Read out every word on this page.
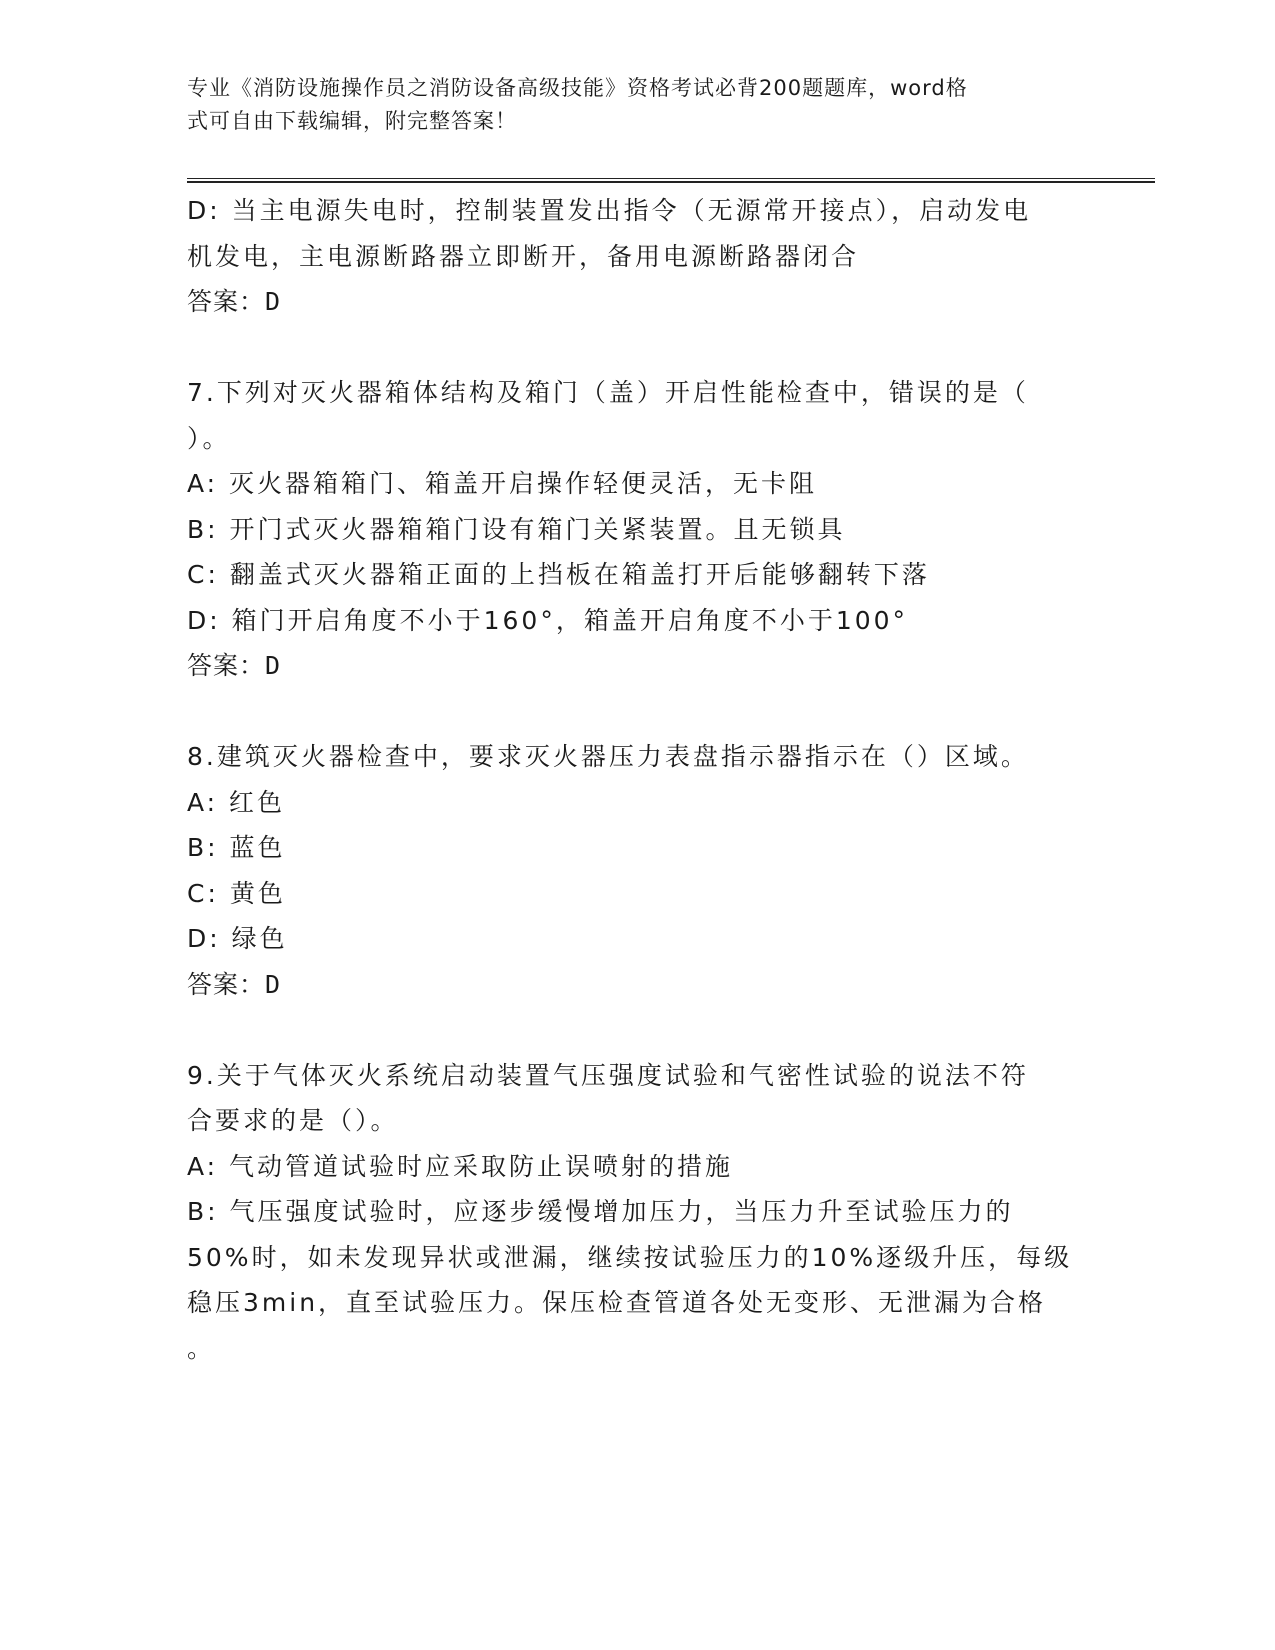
专业《消防设施操作员之消防设备高级技能》资格考试必背200题题库，word格
式可自由下载编辑，附完整答案！
D: 当主电源失电时，控制装置发出指令（无源常开接点），启动发电
机发电，主电源断路器立即断开，备用电源断路器闭合
答案：D
7.下列对灭火器箱体结构及箱门（盖）开启性能检查中，错误的是（
）。
A: 灭火器箱箱门、箱盖开启操作轻便灵活，无卡阻
B: 开门式灭火器箱箱门设有箱门关紧装置。且无锁具
C: 翻盖式灭火器箱正面的上挡板在箱盖打开后能够翻转下落
D: 箱门开启角度不小于160°，箱盖开启角度不小于100°
答案：D
8.建筑灭火器检查中，要求灭火器压力表盘指示器指示在（）区域。
A: 红色
B: 蓝色
C: 黄色
D: 绿色
答案：D
9.关于气体灭火系统启动装置气压强度试验和气密性试验的说法不符
合要求的是（）。
A: 气动管道试验时应采取防止误喷射的措施
B: 气压强度试验时，应逐步缓慢增加压力，当压力升至试验压力的
50%时，如未发现异状或泄漏，继续按试验压力的10%逐级升压，每级
稳压3min，直至试验压力。保压检查管道各处无变形、无泄漏为合格
。
